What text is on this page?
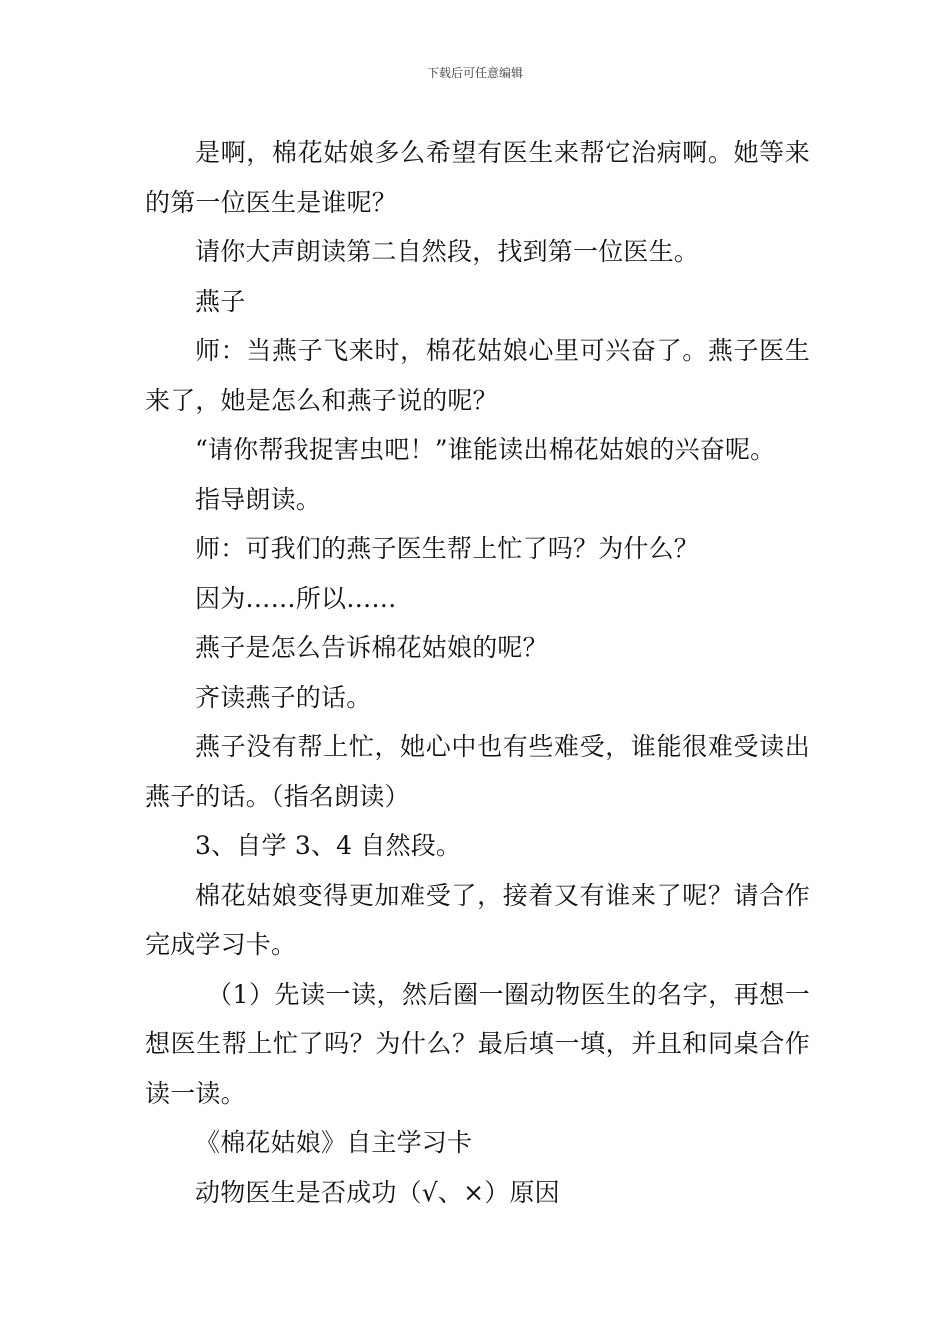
下载后可任意编辑

是啊，棉花姑娘多么希望有医生来帮它治病啊。她等来的第一位医生是谁呢？

请你大声朗读第二自然段，找到第一位医生。

燕子

师：当燕子飞来时，棉花姑娘心里可兴奋了。燕子医生来了，她是怎么和燕子说的呢？

“请你帮我捉害虫吧！”谁能读出棉花姑娘的兴奋呢。

指导朗读。

师：可我们的燕子医生帮上忙了吗？为什么？

因为……所以……

燕子是怎么告诉棉花姑娘的呢？

齐读燕子的话。

燕子没有帮上忙，她心中也有些难受，谁能很难受读出燕子的话。（指名朗读）

3、自学 3、4 自然段。

棉花姑娘变得更加难受了，接着又有谁来了呢？请合作完成学习卡。

（1）先读一读，然后圈一圈动物医生的名字，再想一想医生帮上忙了吗？为什么？最后填一填，并且和同桌合作读一读。

《棉花姑娘》自主学习卡

动物医生是否成功（√、×）原因
